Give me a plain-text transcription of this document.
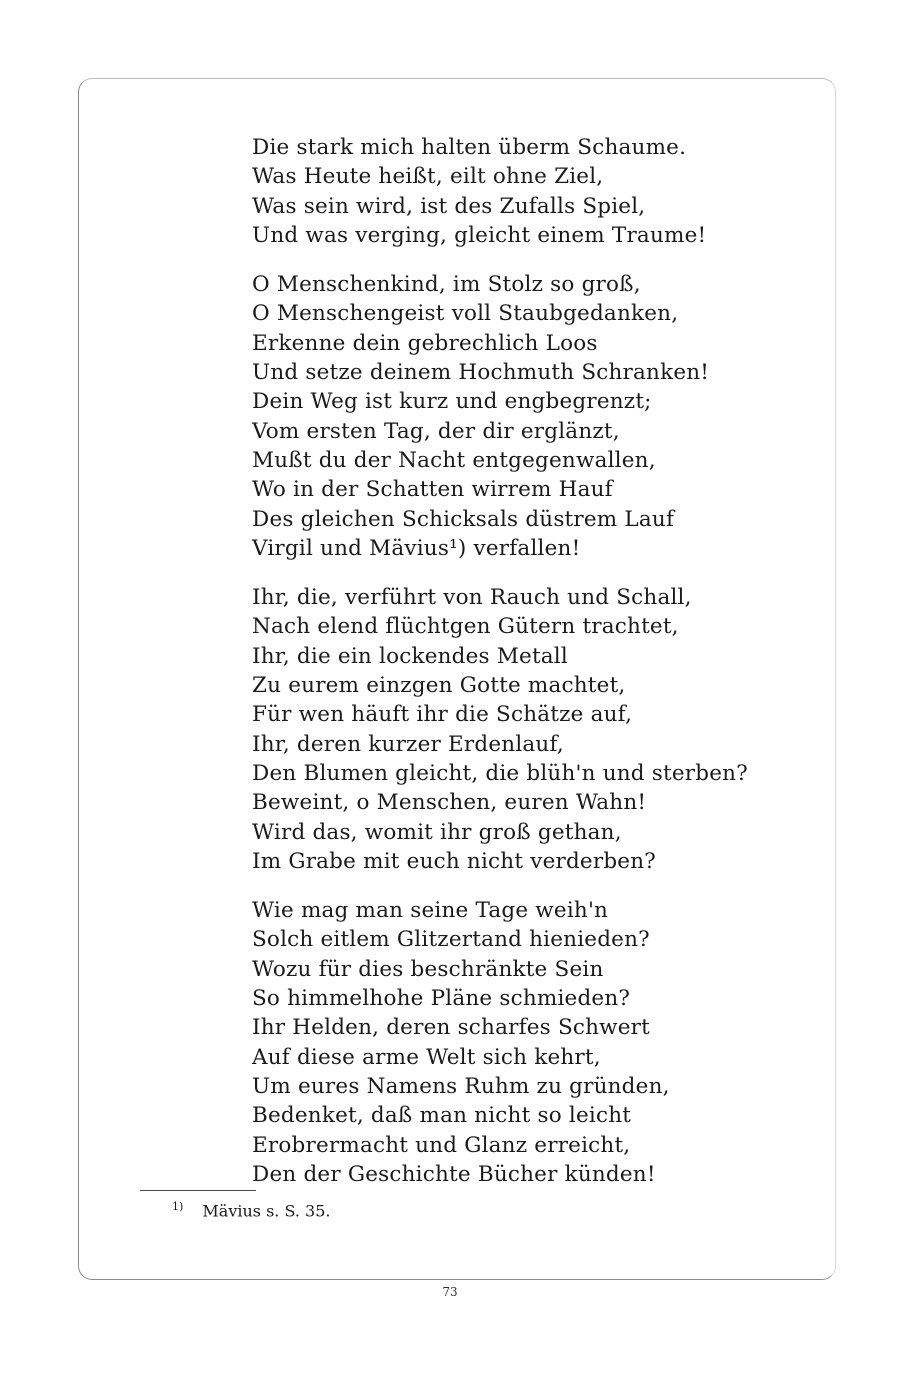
Die stark mich halten überm Schaume.
Was Heute heißt, eilt ohne Ziel,
Was sein wird, ist des Zufalls Spiel,
Und was verging, gleicht einem Traume!
O Menschenkind, im Stolz so groß,
O Menschengeist voll Staubgedanken,
Erkenne dein gebrechlich Loos
Und setze deinem Hochmuth Schranken!
Dein Weg ist kurz und engbegrenzt;
Vom ersten Tag, der dir erglänzt,
Mußt du der Nacht entgegenwallen,
Wo in der Schatten wirrem Hauf
Des gleichen Schicksals düstrem Lauf
Virgil und Mävius¹) verfallen!
Ihr, die, verführt von Rauch und Schall,
Nach elend flüchtgen Gütern trachtet,
Ihr, die ein lockendes Metall
Zu eurem einzgen Gotte machtet,
Für wen häuft ihr die Schätze auf,
Ihr, deren kurzer Erdenlauf,
Den Blumen gleicht, die blüh'n und sterben?
Beweint, o Menschen, euren Wahn!
Wird das, womit ihr groß gethan,
Im Grabe mit euch nicht verderben?
Wie mag man seine Tage weih'n
Solch eitlem Glitzertand hienieden?
Wozu für dies beschränkte Sein
So himmelhohe Pläne schmieden?
Ihr Helden, deren scharfes Schwert
Auf diese arme Welt sich kehrt,
Um eures Namens Ruhm zu gründen,
Bedenket, daß man nicht so leicht
Erobrermacht und Glanz erreicht,
Den der Geschichte Bücher künden!
$^{1)}$ Mävius s. S. 35.
73
